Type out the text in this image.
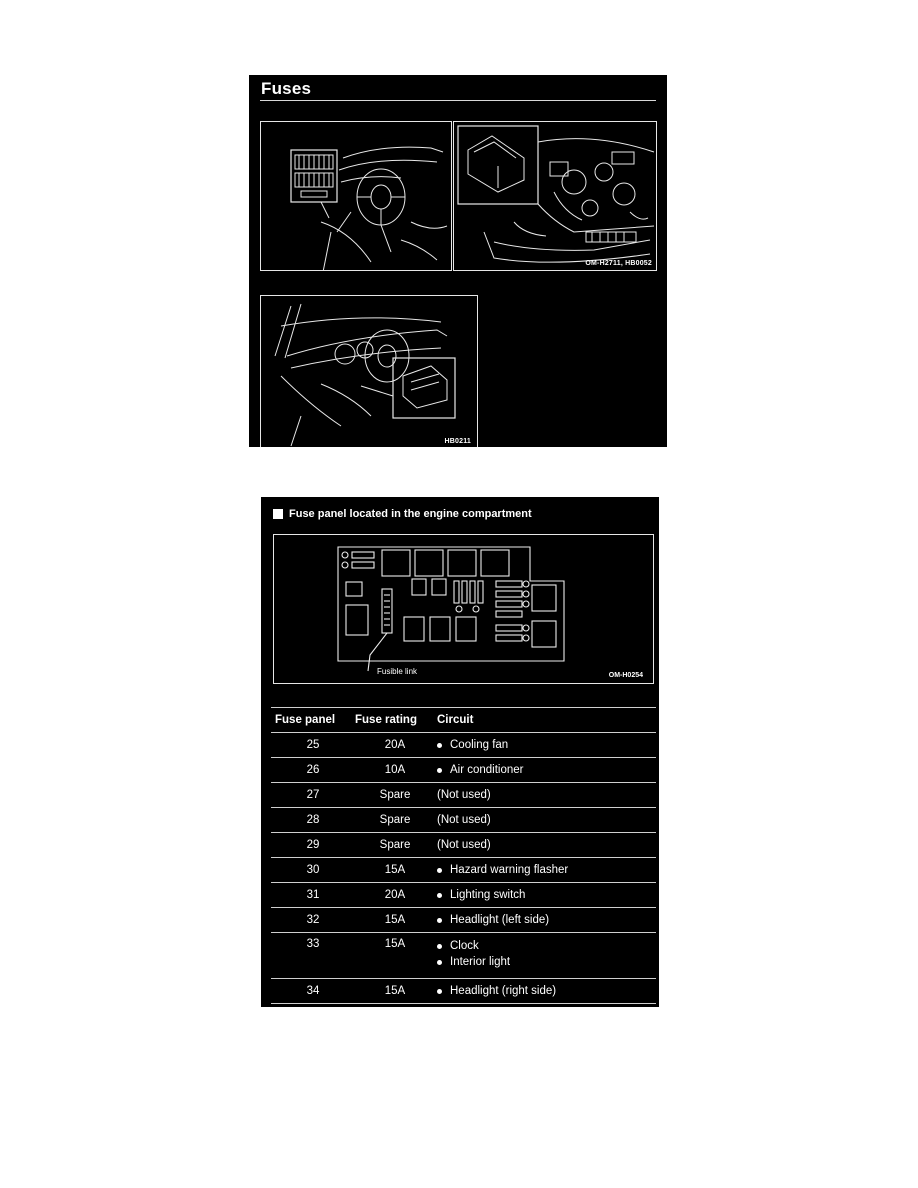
Fuses
OM-H2711, HB0052
HB0211
Fuse panel located in the engine compartment
Fusible link	OM-H0254
Fuse panel	Fuse rating	Circuit
25	20A	Cooling fan

26	10A	Air conditioner

27	Spare	(Not used)

28	Spare	(Not used)

29	Spare	(Not used)

30	15A	Hazard warning flasher

31	20A	Lighting switch

32	15A	Headlight (left side)

33	15A	Clock
Interior light

34	15A	Headlight (right side)
